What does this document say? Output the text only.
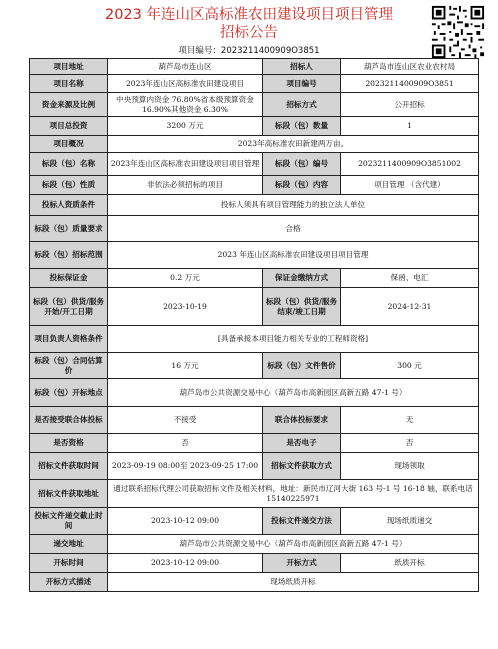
2023 年连山区高标准农田建设项目项目管理
招标公告
项目编号：2023211400909O3851
项目地址	葫芦岛市连山区	招标人	葫芦岛市连山区农业农村局
项目名称	2023年连山区高标准农田建设项目	项目编号	2023211400909O3851
资金来源及比例	中央预算内资金 76.80%省本级预算资金16.90%其他资金 6.30%	招标方式	公开招标
项目总投资	3200 万元	标段（包）数量	1
项目概况	2023年高标准农田新建两万亩。		
标段（包）名称	2023年连山区高标准农田建设项目项目管理	标段（包）编号	2023211400909O3851002
标段（包）性质	非依法必须招标的项目	标段（包）内容	项目管理 （含代建）
投标人资质条件	投标人须具有项目管理能力的独立法人单位		
标段（包）质量要求	合格		
标段（包）招标范围	2023 年连山区高标准农田建设项目项目管理		
投标保证金	0.2 万元	保证金缴纳方式	保函、电汇
标段（包）供货/服务开始/开工日期	2023-10-19	标段（包）供货/服务结束/竣工日期	2024-12-31
项目负责人资格条件	[具备承接本项目能力相关专业的工程师资格]		
标段（包）合同估算价	16 万元	标段（包）文件售价	300 元
标段（包）开标地点	葫芦岛市公共资源交易中心（葫芦岛市高新园区高新五路 47-1 号）		
是否接受联合体投标	不接受	联合体投标要求	无
是否资格	否	是否电子	否
招标文件获取时间	2023-09-19 08:00至 2023-09-25 17:00	招标文件获取方式	现场领取
招标文件获取地址	通过联系招标代理公司获取招标文件及相关材料，地址：新民市辽河大街 163 号-1 号 16-18 轴，联系电话 15140225971		
投标文件递交截止时间	2023-10-12 09:00	投标文件递交方法	现场纸质递交
递交地址	葫芦岛市公共资源交易中心（葫芦岛市高新园区高新五路 47-1 号）		
开标时间	2023-10-12 09:00	开标方式	纸质开标
开标方式描述	现场纸质开标		
